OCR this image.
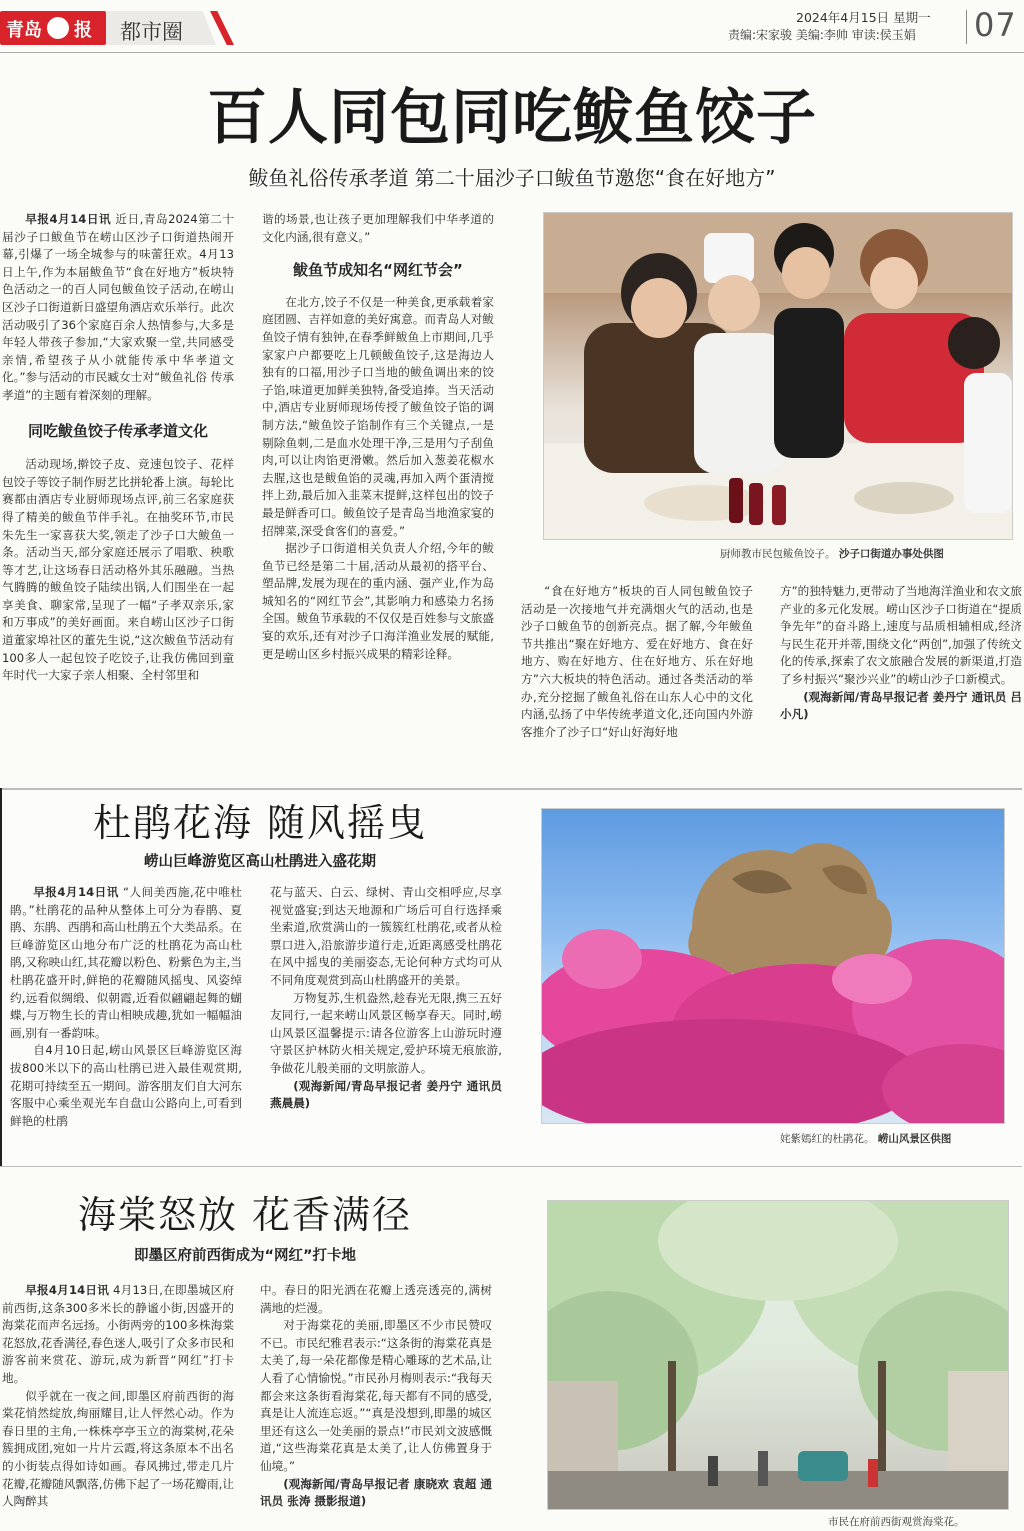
青岛 报 都市圈
2024年4月15日 星期一
责编:宋家骏 美编:李帅 审读:侯玉娟 07
百人同包同吃鲅鱼饺子
鲅鱼礼俗传承孝道 第二十届沙子口鲅鱼节邀您“食在好地方”

早报4月14日讯 近日,青岛2024第二十届沙子口鲅鱼节在崂山区沙子口街道热闹开幕,引爆了一场全城参与的味蕾狂欢。4月13日上午,作为本届鲅鱼节“食在好地方”板块特色活动之一的百人同包鲅鱼饺子活动,在崂山区沙子口街道新日盛望角酒店欢乐举行。此次活动吸引了36个家庭百余人热情参与,大多是年轻人带孩子参加,“大家欢聚一堂,共同感受亲情,希望孩子从小就能传承中华孝道文化。”参与活动的市民臧女士对“鲅鱼礼俗 传承孝道”的主题有着深刻的理解。

同吃鲅鱼饺子传承孝道文化

活动现场,擀饺子皮、竞速包饺子、花样包饺子等饺子制作厨艺比拼轮番上演。每轮比赛都由酒店专业厨师现场点评,前三名家庭获得了精美的鲅鱼节伴手礼。在抽奖环节,市民朱先生一家喜获大奖,领走了沙子口大鲅鱼一条。活动当天,部分家庭还展示了唱歌、秧歌等才艺,让这场春日活动格外其乐融融。当热气腾腾的鲅鱼饺子陆续出锅,人们围坐在一起享美食、聊家常,呈现了一幅“子孝双亲乐,家和万事成”的美好画面。来自崂山区沙子口街道董家埠社区的董先生说,“这次鲅鱼节活动有100多人一起包饺子吃饺子,让我仿佛回到童年时代一大家子亲人相聚、全村邻里和

谐的场景,也让孩子更加理解我们中华孝道的文化内涵,很有意义。”

鲅鱼节成知名“网红节会”

在北方,饺子不仅是一种美食,更承载着家庭团圆、吉祥如意的美好寓意。而青岛人对鲅鱼饺子情有独钟,在春季鲜鲅鱼上市期间,几乎家家户户都要吃上几顿鲅鱼饺子,这是海边人独有的口福,用沙子口当地的鲅鱼调出来的饺子馅,味道更加鲜美独特,备受追捧。当天活动中,酒店专业厨师现场传授了鲅鱼饺子馅的调制方法,“鲅鱼饺子馅制作有三个关键点,一是剔除鱼刺,二是血水处理干净,三是用勺子刮鱼肉,可以让肉馅更滑嫩。然后加入葱姜花椒水去腥,这也是鲅鱼馅的灵魂,再加入两个蛋清搅拌上劲,最后加入韭菜末提鲜,这样包出的饺子最是鲜香可口。鲅鱼饺子是青岛当地渔家宴的招牌菜,深受食客们的喜爱。”

据沙子口街道相关负责人介绍,今年的鲅鱼节已经是第二十届,活动从最初的搭平台、塑品牌,发展为现在的重内涵、强产业,作为岛城知名的“网红节会”,其影响力和感染力名扬全国。鲅鱼节承载的不仅仅是百姓参与文旅盛宴的欢乐,还有对沙子口海洋渔业发展的赋能,更是崂山区乡村振兴成果的精彩诠释。

厨师教市民包鲅鱼饺子。 沙子口街道办事处供图

“食在好地方”板块的百人同包鲅鱼饺子活动是一次接地气并充满烟火气的活动,也是沙子口鲅鱼节的创新亮点。据了解,今年鲅鱼节共推出“聚在好地方、爱在好地方、食在好地方、购在好地方、住在好地方、乐在好地方”六大板块的特色活动。通过各类活动的举办,充分挖掘了鲅鱼礼俗在山东人心中的文化内涵,弘扬了中华传统孝道文化,还向国内外游客推介了沙子口“好山好海好地

方”的独特魅力,更带动了当地海洋渔业和农文旅产业的多元化发展。崂山区沙子口街道在“提质争先年”的奋斗路上,速度与品质相辅相成,经济与民生花开并蒂,围绕文化“两创”,加强了传统文化的传承,探索了农文旅融合发展的新渠道,打造了乡村振兴“聚沙兴业”的崂山沙子口新模式。

(观海新闻/青岛早报记者 姜丹宁 通讯员 吕小凡)

杜鹃花海 随风摇曳
崂山巨峰游览区高山杜鹃进入盛花期

早报4月14日讯 “人间美西施,花中唯杜鹃。”杜鹃花的品种从整体上可分为春鹃、夏鹃、东鹃、西鹃和高山杜鹃五个大类品系。在巨峰游览区山地分布广泛的杜鹃花为高山杜鹃,又称映山红,其花瓣以粉色、粉紫色为主,当杜鹃花盛开时,鲜艳的花瓣随风摇曳、风姿绰约,远看似绸缎、似朝霞,近看似翩翩起舞的蝴蝶,与万物生长的青山相映成趣,犹如一幅幅油画,别有一番韵味。

自4月10日起,崂山风景区巨峰游览区海拔800米以下的高山杜鹃已进入最佳观赏期,花期可持续至五一期间。游客朋友们自大河东客服中心乘坐观光车自盘山公路向上,可看到鲜艳的杜鹃

花与蓝天、白云、绿树、青山交相呼应,尽享视觉盛宴;到达天地源和广场后可自行选择乘坐索道,欣赏满山的一簇簇红杜鹃花,或者从检票口进入,沿旅游步道行走,近距离感受杜鹃花在风中摇曳的美丽姿态,无论何种方式均可从不同角度观赏到高山杜鹃盛开的美景。

万物复苏,生机盎然,趁春光无限,携三五好友同行,一起来崂山风景区畅享春天。同时,崂山风景区温馨提示:请各位游客上山游玩时遵守景区护林防火相关规定,爱护环境无痕旅游,争做花儿般美丽的文明旅游人。

(观海新闻/青岛早报记者 姜丹宁 通讯员 燕晨晨)

姹紫嫣红的杜鹃花。 崂山风景区供图
海棠怒放 花香满径
即墨区府前西街成为“网红”打卡地

早报4月14日讯 4月13日,在即墨城区府前西街,这条300多米长的静谧小街,因盛开的海棠花而声名远扬。小街两旁的100多株海棠花怒放,花香满径,春色迷人,吸引了众多市民和游客前来赏花、游玩,成为新晋“网红”打卡地。

似乎就在一夜之间,即墨区府前西街的海棠花悄然绽放,绚丽耀目,让人怦然心动。作为春日里的主角,一株株亭亭玉立的海棠树,花朵簇拥成团,宛如一片片云霞,将这条原本不出名的小街装点得如诗如画。春风拂过,带走几片花瓣,花瓣随风飘落,仿佛下起了一场花瓣雨,让人陶醉其

中。春日的阳光洒在花瓣上透亮透亮的,满树满地的烂漫。

对于海棠花的美丽,即墨区不少市民赞叹不已。市民纪雅君表示:“这条街的海棠花真是太美了,每一朵花都像是精心雕琢的艺术品,让人看了心情愉悦。”市民孙月梅则表示:“我每天都会来这条街看海棠花,每天都有不同的感受,真是让人流连忘返。”“真是没想到,即墨的城区里还有这么一处美丽的景点!”市民刘文波感慨道,“这些海棠花真是太美了,让人仿佛置身于仙境。”

(观海新闻/青岛早报记者 康晓欢 袁超 通讯员 张涛 摄影报道)

市民在府前西街观赏海棠花。
